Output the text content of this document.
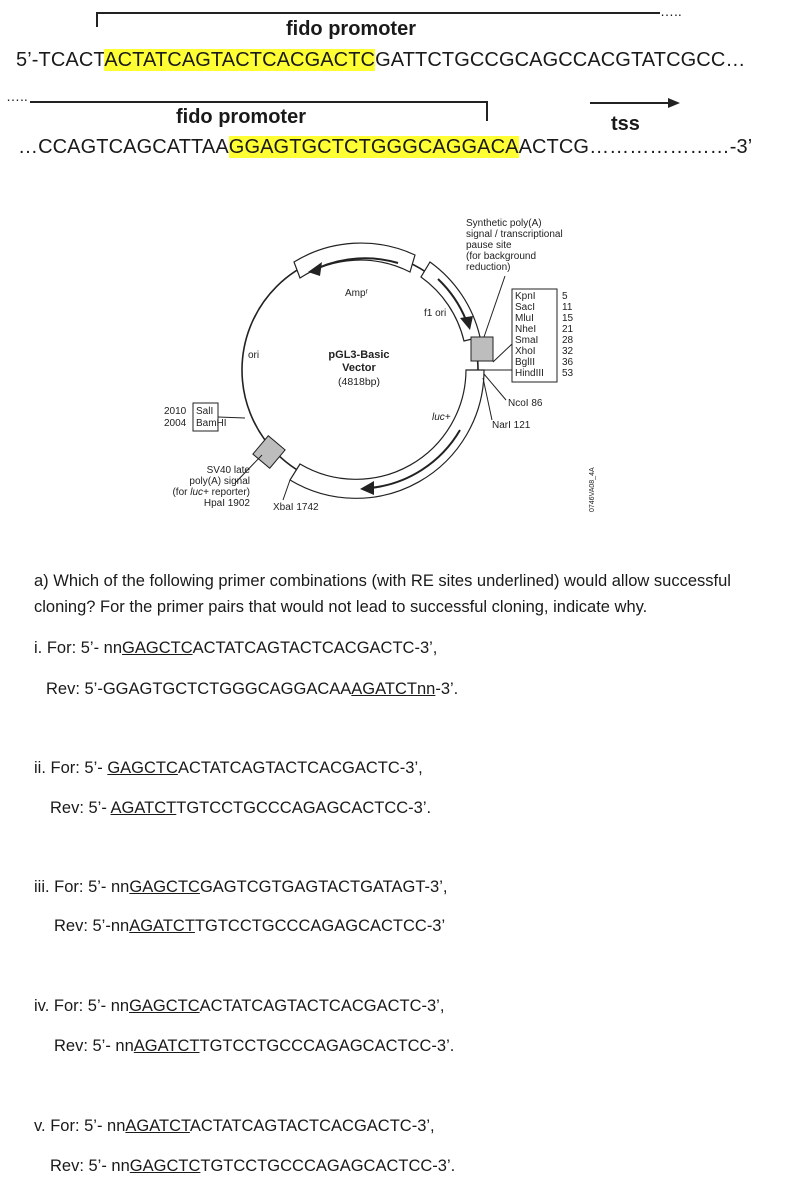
…..
fido promoter
5’-TCACTACTATCAGTACTCACGACTCGATTCTGCCGCAGCCACGTATCGCC…
…..
fido promoter	tss
…CCAGTCAGCATTAAGGAGTGCTCTGGGCAGGACAACTCG…………………-3’
pGL3-Basic
Vector
(4818bp)
Ampʳ
ori
f1 ori
luc+
Synthetic poly(A)
signal / transcriptional
pause site
(for background
reduction)
KpnI
SacI
MluI
NheI
SmaI
XhoI
BglII
HindIII
5
11
15
21
28
32
36
53
NcoI 86
NarI 121
2010 SalI
2004 BamHI
SV40 late
poly(A) signal
(for luc+ reporter)
HpaI 1902 XbaI 1742	0746VA08_4A
a) Which of the following primer combinations (with RE sites underlined) would allow successful
cloning? For the primer pairs that would not lead to successful cloning, indicate why.
i. For: 5’- nnGAGCTCACTATCAGTACTCACGACTC-3’,
Rev: 5’-GGAGTGCTCTGGGCAGGACAAAGATCTnn-3’.
ii. For: 5’- GAGCTCACTATCAGTACTCACGACTC-3’,
Rev: 5’- AGATCTTGTCCTGCCCAGAGCACTCC-3’.
iii. For: 5’- nnGAGCTCGAGTCGTGAGTACTGATAGT-3’,
Rev: 5’-nnAGATCTTGTCCTGCCCAGAGCACTCC-3’
iv. For: 5’- nnGAGCTCACTATCAGTACTCACGACTC-3’,
Rev: 5’- nnAGATCTTGTCCTGCCCAGAGCACTCC-3’.
v. For: 5’- nnAGATCTACTATCAGTACTCACGACTC-3’,
Rev: 5’- nnGAGCTCTGTCCTGCCCAGAGCACTCC-3’.
